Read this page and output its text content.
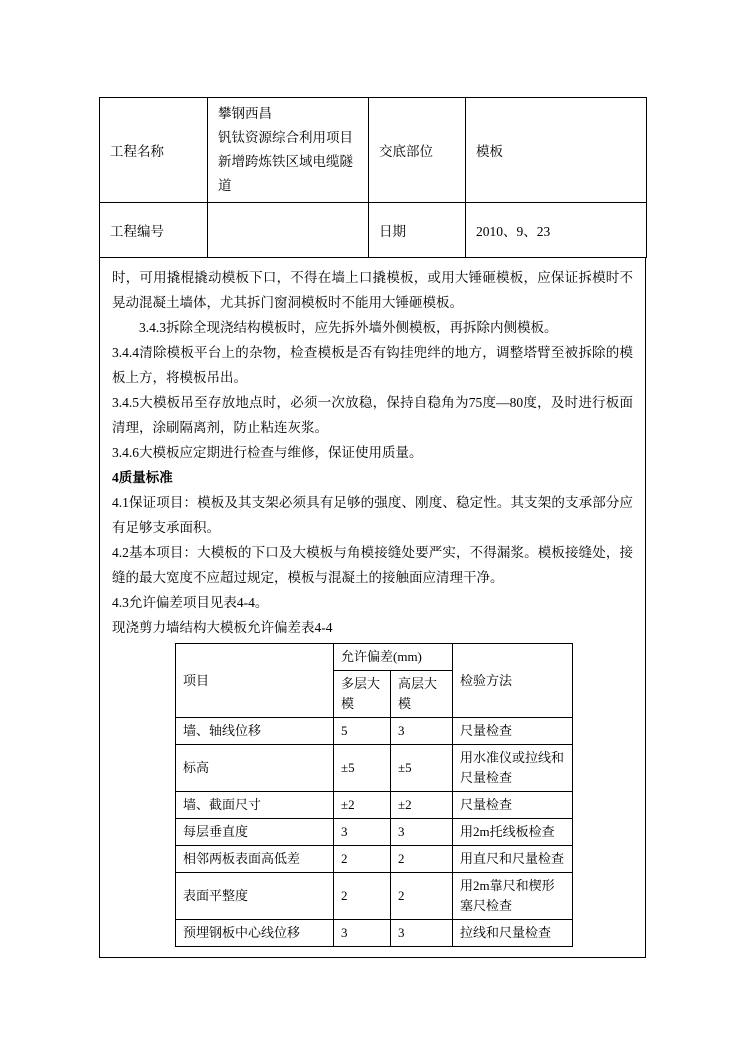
工程名称	攀钢西昌
钒钛资源综合利用项目
新增跨炼铁区域电缆隧道	交底部位	模板
工程编号		日期	2010、9、23

时，可用撬棍撬动模板下口，不得在墙上口撬模板，或用大锤砸模板，应保证拆模时不晃动混凝土墙体，尤其拆门窗洞模板时不能用大锤砸模板。

3.4.3拆除全现浇结构模板时，应先拆外墙外侧模板，再拆除内侧模板。

3.4.4清除模板平台上的杂物，检查模板是否有钩挂兜绊的地方，调整塔臂至被拆除的模板上方，将模板吊出。

3.4.5大模板吊至存放地点时，必须一次放稳，保持自稳角为75度—80度，及时进行板面清理，涂刷隔离剂，防止粘连灰浆。

3.4.6大模板应定期进行检查与维修，保证使用质量。

4质量标准

4.1保证项目：模板及其支架必须具有足够的强度、刚度、稳定性。其支架的支承部分应有足够支承面积。

4.2基本项目：大模板的下口及大模板与角模接缝处要严实，不得漏浆。模板接缝处，接缝的最大宽度不应超过规定，模板与混凝土的接触面应清理干净。

4.3允许偏差项目见表4-4。

现浇剪力墙结构大模板允许偏差表4-4

项目	允许偏差(mm)		检验方法
	多层大模	高层大模	
墙、轴线位移	5	3	尺量检查
标高	±5	±5	用水准仪或拉线和尺量检查
墙、截面尺寸	±2	±2	尺量检查
每层垂直度	3	3	用2m托线板检查
相邻两板表面高低差	2	2	用直尺和尺量检查
表面平整度	2	2	用2m靠尺和楔形塞尺检查
预埋钢板中心线位移	3	3	拉线和尺量检查
